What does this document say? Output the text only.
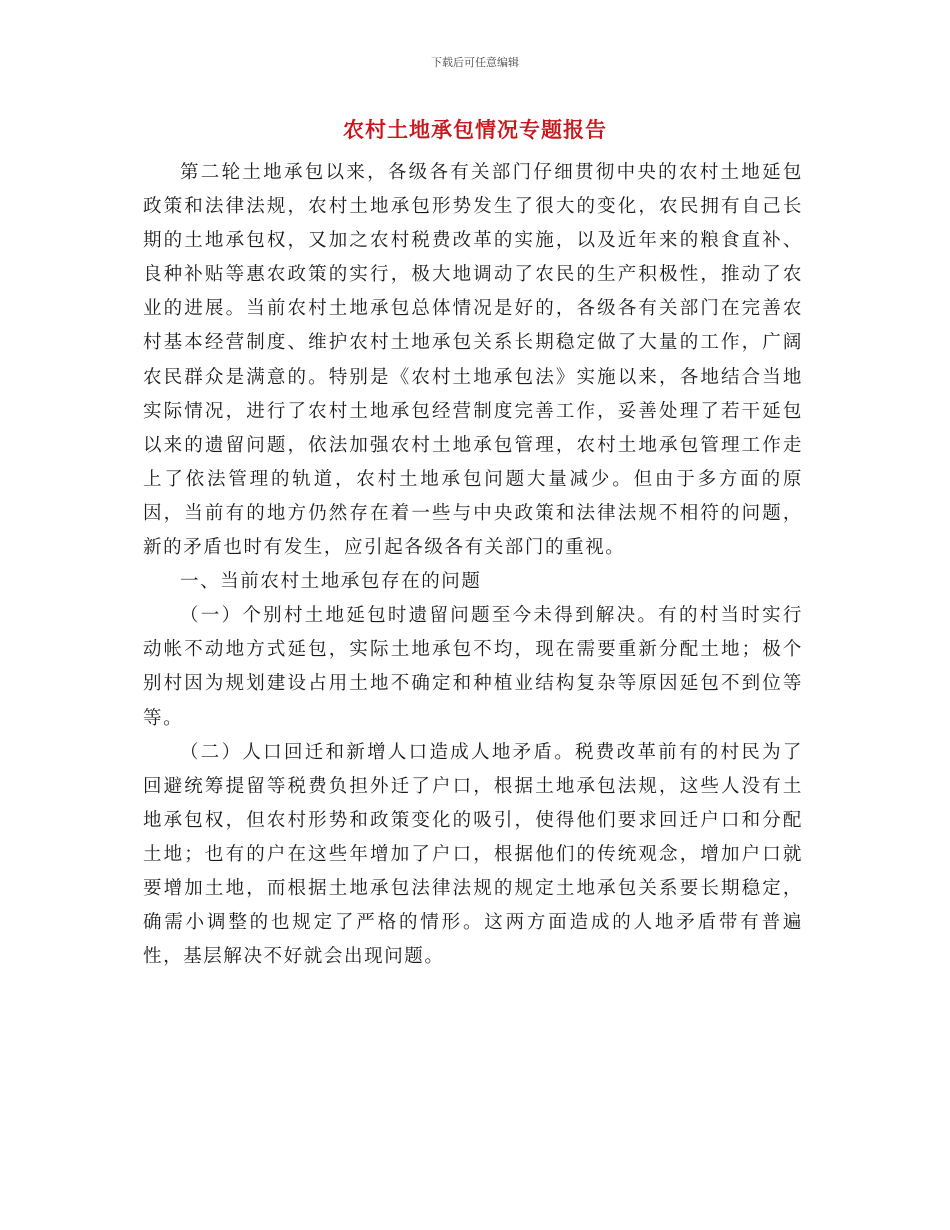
下载后可任意编辑
农村土地承包情况专题报告

第二轮土地承包以来，各级各有关部门仔细贯彻中央的农村土地延包政策和法律法规，农村土地承包形势发生了很大的变化，农民拥有自己长期的土地承包权，又加之农村税费改革的实施，以及近年来的粮食直补、良种补贴等惠农政策的实行，极大地调动了农民的生产积极性，推动了农业的进展。当前农村土地承包总体情况是好的，各级各有关部门在完善农村基本经营制度、维护农村土地承包关系长期稳定做了大量的工作，广阔农民群众是满意的。特别是《农村土地承包法》实施以来，各地结合当地实际情况，进行了农村土地承包经营制度完善工作，妥善处理了若干延包以来的遗留问题，依法加强农村土地承包管理，农村土地承包管理工作走上了依法管理的轨道，农村土地承包问题大量减少。但由于多方面的原因，当前有的地方仍然存在着一些与中央政策和法律法规不相符的问题，新的矛盾也时有发生，应引起各级各有关部门的重视。

一、当前农村土地承包存在的问题

（一）个别村土地延包时遗留问题至今未得到解决。有的村当时实行动帐不动地方式延包，实际土地承包不均，现在需要重新分配土地；极个别村因为规划建设占用土地不确定和种植业结构复杂等原因延包不到位等等。

（二）人口回迁和新增人口造成人地矛盾。税费改革前有的村民为了回避统筹提留等税费负担外迁了户口，根据土地承包法规，这些人没有土地承包权，但农村形势和政策变化的吸引，使得他们要求回迁户口和分配土地；也有的户在这些年增加了户口，根据他们的传统观念，增加户口就要增加土地，而根据土地承包法律法规的规定土地承包关系要长期稳定，确需小调整的也规定了严格的情形。这两方面造成的人地矛盾带有普遍性，基层解决不好就会出现问题。
